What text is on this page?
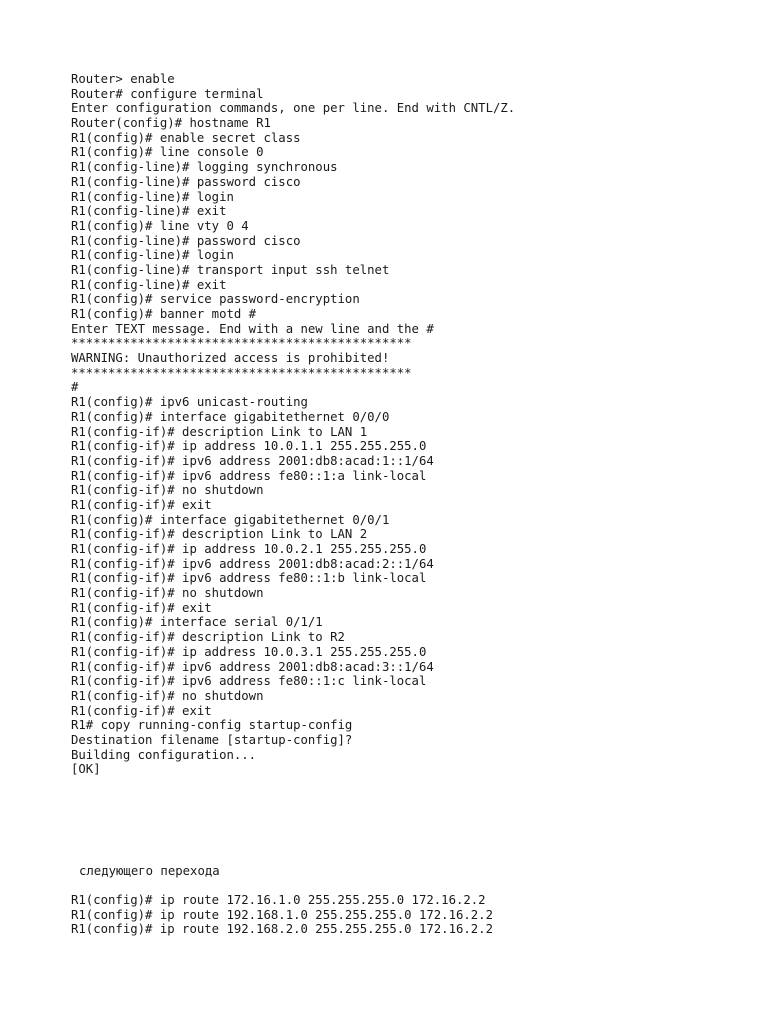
Router> enable
Router# configure terminal
Enter configuration commands, one per line. End with CNTL/Z.
Router(config)# hostname R1
R1(config)# enable secret class
R1(config)# line console 0
R1(config-line)# logging synchronous
R1(config-line)# password cisco
R1(config-line)# login
R1(config-line)# exit
R1(config)# line vty 0 4
R1(config-line)# password cisco
R1(config-line)# login
R1(config-line)# transport input ssh telnet
R1(config-line)# exit
R1(config)# service password-encryption
R1(config)# banner motd #
Enter TEXT message. End with a new line and the #
**********************************************
WARNING: Unauthorized access is prohibited!
**********************************************
#
R1(config)# ipv6 unicast-routing
R1(config)# interface gigabitethernet 0/0/0
R1(config-if)# description Link to LAN 1
R1(config-if)# ip address 10.0.1.1 255.255.255.0
R1(config-if)# ipv6 address 2001:db8:acad:1::1/64
R1(config-if)# ipv6 address fe80::1:a link-local
R1(config-if)# no shutdown
R1(config-if)# exit
R1(config)# interface gigabitethernet 0/0/1
R1(config-if)# description Link to LAN 2
R1(config-if)# ip address 10.0.2.1 255.255.255.0
R1(config-if)# ipv6 address 2001:db8:acad:2::1/64
R1(config-if)# ipv6 address fe80::1:b link-local
R1(config-if)# no shutdown
R1(config-if)# exit
R1(config)# interface serial 0/1/1
R1(config-if)# description Link to R2
R1(config-if)# ip address 10.0.3.1 255.255.255.0
R1(config-if)# ipv6 address 2001:db8:acad:3::1/64
R1(config-if)# ipv6 address fe80::1:c link-local
R1(config-if)# no shutdown
R1(config-if)# exit
R1# copy running-config startup-config
Destination filename [startup-config]?
Building configuration...
[OK]
следующего перехода
R1(config)# ip route 172.16.1.0 255.255.255.0 172.16.2.2
R1(config)# ip route 192.168.1.0 255.255.255.0 172.16.2.2
R1(config)# ip route 192.168.2.0 255.255.255.0 172.16.2.2
